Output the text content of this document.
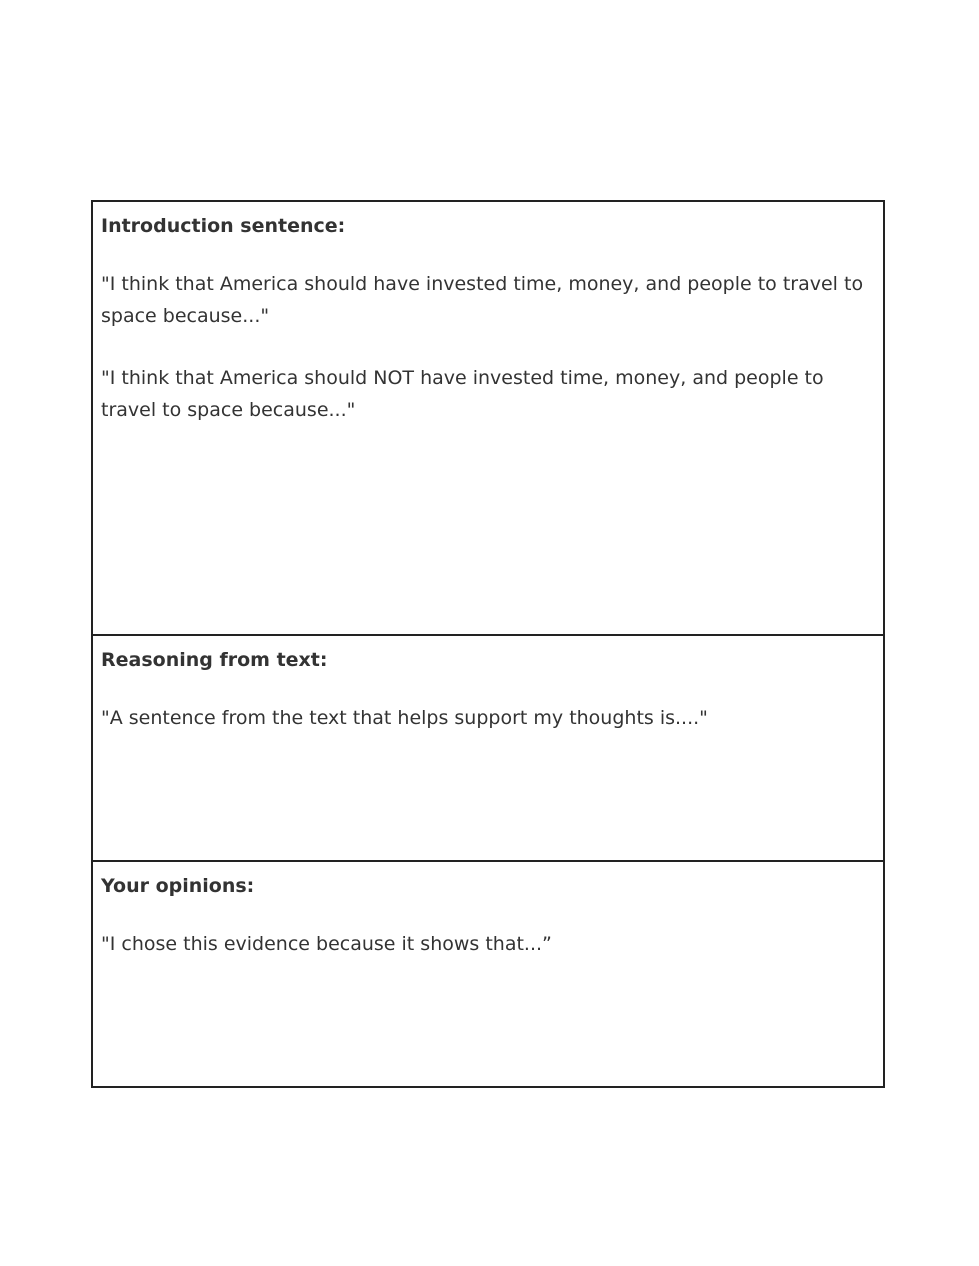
Introduction sentence:
"I think that America should have invested time, money, and people to travel to space because..."
"I think that America should NOT have invested time, money, and people to travel to space because..."
Reasoning from text:
"A sentence from the text that helps support my thoughts is...."
Your opinions:
"I chose this evidence because it shows that...”
